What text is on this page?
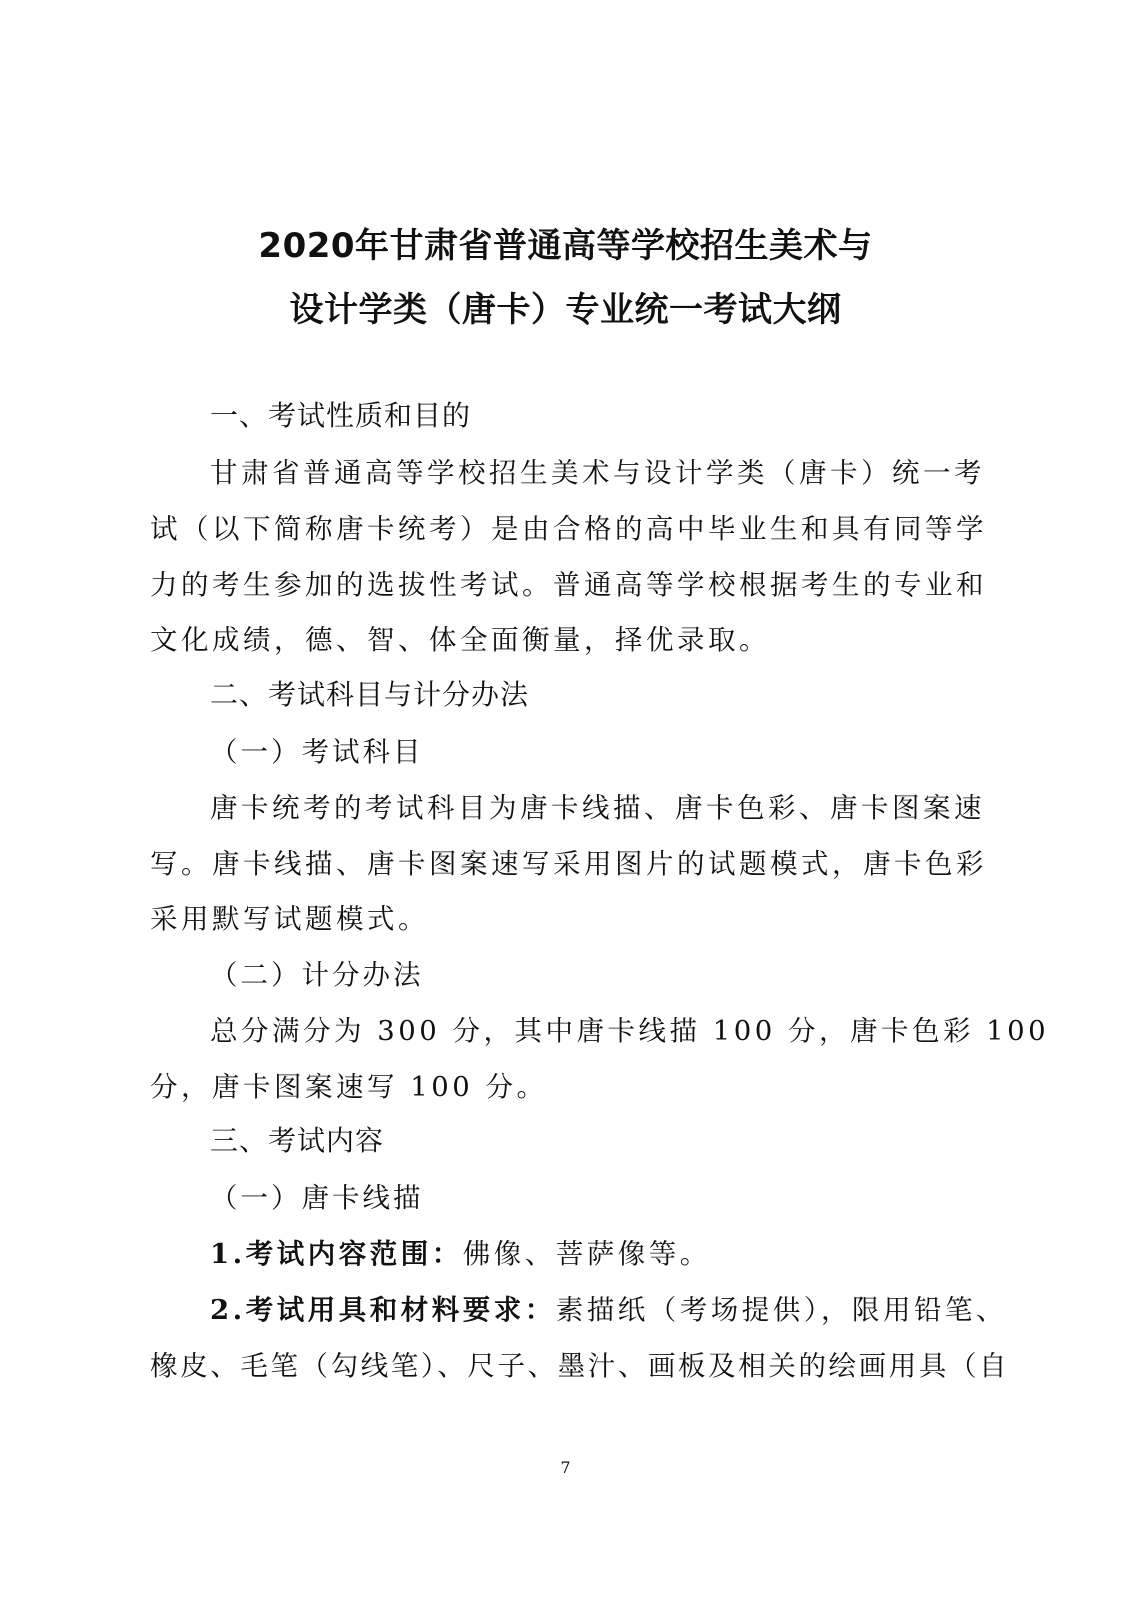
2020年甘肃省普通高等学校招生美术与
设计学类（唐卡）专业统一考试大纲
一、考试性质和目的
甘肃省普通高等学校招生美术与设计学类（唐卡）统一考
试（以下简称唐卡统考）是由合格的高中毕业生和具有同等学
力的考生参加的选拔性考试。普通高等学校根据考生的专业和
文化成绩，德、智、体全面衡量，择优录取。
二、考试科目与计分办法
（一）考试科目
唐卡统考的考试科目为唐卡线描、唐卡色彩、唐卡图案速
写。唐卡线描、唐卡图案速写采用图片的试题模式，唐卡色彩
采用默写试题模式。
（二）计分办法
总分满分为 300 分，其中唐卡线描 100 分，唐卡色彩 100
分，唐卡图案速写 100 分。
三、考试内容
（一）唐卡线描
1.考试内容范围：佛像、菩萨像等。
2.考试用具和材料要求：素描纸（考场提供），限用铅笔、
橡皮、毛笔（勾线笔）、尺子、墨汁、画板及相关的绘画用具（自
7
